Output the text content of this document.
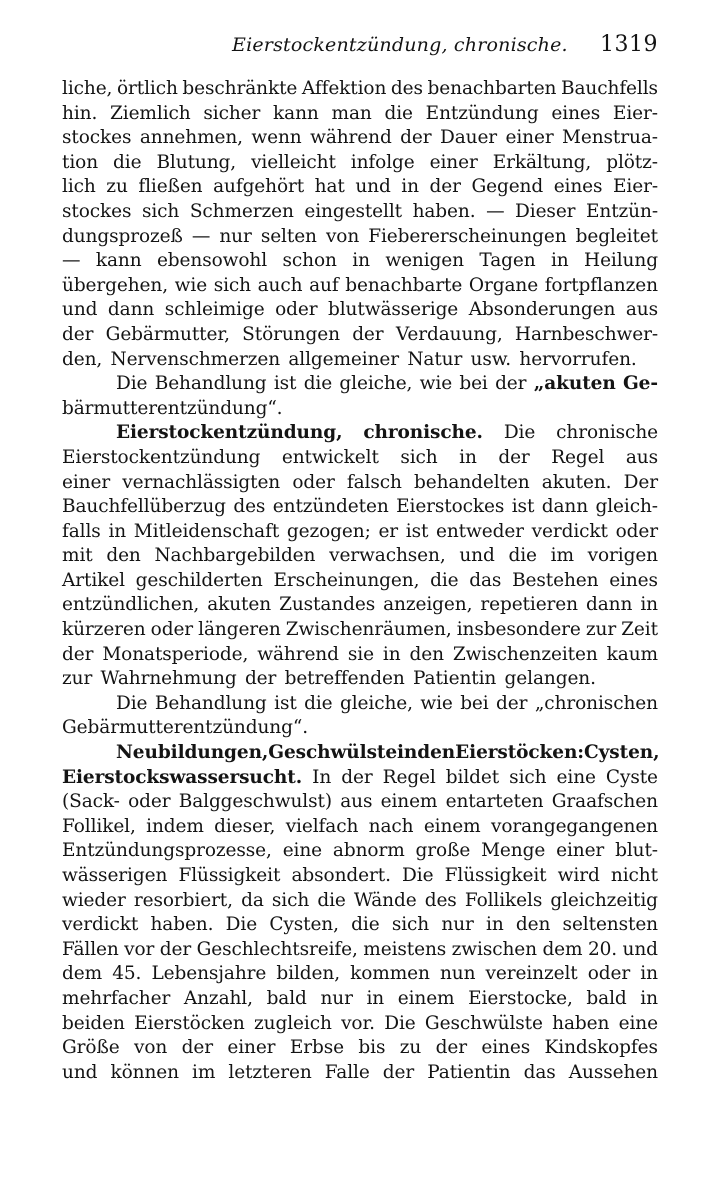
Eierstockentzündung, chronische. 1319
liche, örtlich beschränkte Affektion des benachbarten Bauchfells
hin. Ziemlich sicher kann man die Entzündung eines Eier-
stockes annehmen, wenn während der Dauer einer Menstrua-
tion die Blutung, vielleicht infolge einer Erkältung, plötz-
lich zu fließen aufgehört hat und in der Gegend eines Eier-
stockes sich Schmerzen eingestellt haben. — Dieser Entzün-
dungsprozeß — nur selten von Fiebererscheinungen begleitet
— kann ebensowohl schon in wenigen Tagen in Heilung
übergehen, wie sich auch auf benachbarte Organe fortpflanzen
und dann schleimige oder blutwässerige Absonderungen aus
der Gebärmutter, Störungen der Verdauung, Harnbeschwer-
den, Nervenschmerzen allgemeiner Natur usw. hervorrufen.
Die Behandlung ist die gleiche, wie bei der „akuten Ge-
bärmutterentzündung“.
Eierstockentzündung, chronische. Die chronische
Eierstockentzündung entwickelt sich in der Regel aus
einer vernachlässigten oder falsch behandelten akuten. Der
Bauchfellüberzug des entzündeten Eierstockes ist dann gleich-
falls in Mitleidenschaft gezogen; er ist entweder verdickt oder
mit den Nachbargebilden verwachsen, und die im vorigen
Artikel geschilderten Erscheinungen, die das Bestehen eines
entzündlichen, akuten Zustandes anzeigen, repetieren dann in
kürzeren oder längeren Zwischenräumen, insbesondere zur Zeit
der Monatsperiode, während sie in den Zwischenzeiten kaum
zur Wahrnehmung der betreffenden Patientin gelangen.
Die Behandlung ist die gleiche, wie bei der „chronischen
Gebärmutterentzündung“.
Neubildungen, Geschwülste in den Eierstöcken: Cysten,
Eierstockswassersucht. In der Regel bildet sich eine Cyste
(Sack- oder Balggeschwulst) aus einem entarteten Graafschen
Follikel, indem dieser, vielfach nach einem vorangegangenen
Entzündungsprozesse, eine abnorm große Menge einer blut-
wässerigen Flüssigkeit absondert. Die Flüssigkeit wird nicht
wieder resorbiert, da sich die Wände des Follikels gleichzeitig
verdickt haben. Die Cysten, die sich nur in den seltensten
Fällen vor der Geschlechtsreife, meistens zwischen dem 20. und
dem 45. Lebensjahre bilden, kommen nun vereinzelt oder in
mehrfacher Anzahl, bald nur in einem Eierstocke, bald in
beiden Eierstöcken zugleich vor. Die Geschwülste haben eine
Größe von der einer Erbse bis zu der eines Kindskopfes
und können im letzteren Falle der Patientin das Aussehen
